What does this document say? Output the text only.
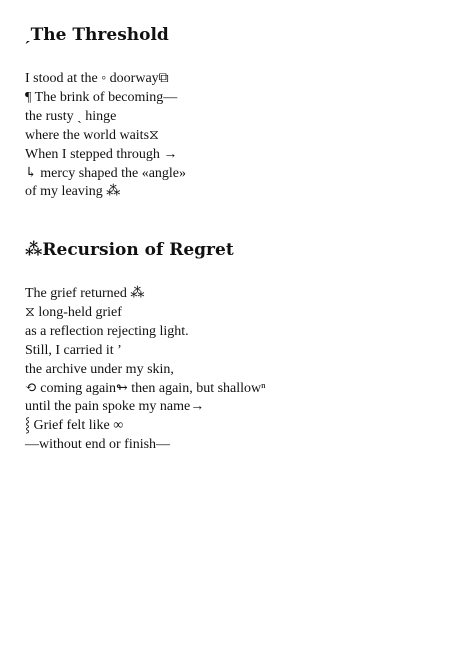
ˏThe Threshold
I stood at the ◦ doorway⧉
¶ The brink of becoming—
the rusty ˏ hinge
where the world waits⧖
When I stepped through →
↳ mercy shaped the «angle»
of my leaving ⁂
⁂Recursion of Regret
The grief returned ⁂
⧖ long-held grief
as a reflection rejecting light.
Still, I carried it ʼ
the archive under my skin,
⟲ coming again↬ then again, but shallowⁿ
until the pain spoke my name→
⸾ Grief felt like ∞
—without end or finish—
